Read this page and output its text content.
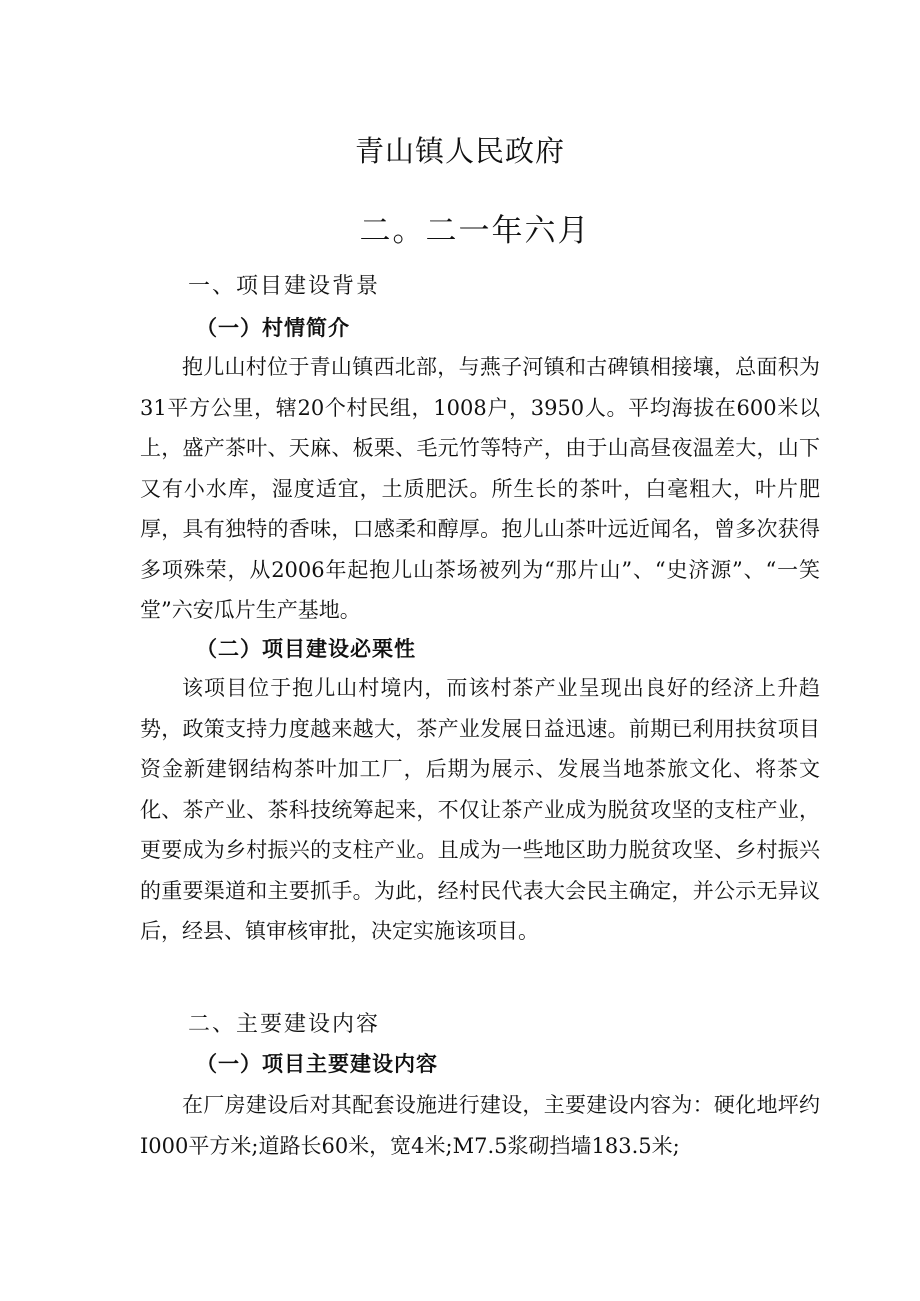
青山镇人民政府
二。二一年六月
一、项目建设背景
（一）村情简介

抱儿山村位于青山镇西北部，与燕子河镇和古碑镇相接壤，总面积为31平方公里，辖20个村民组，1008户，3950人。平均海拔在600米以上，盛产茶叶、天麻、板栗、毛元竹等特产，由于山高昼夜温差大，山下又有小水库，湿度适宜，土质肥沃。所生长的茶叶，白毫粗大，叶片肥厚，具有独特的香味，口感柔和醇厚。抱儿山茶叶远近闻名，曾多次获得多项殊荣，从2006年起抱儿山茶场被列为“那片山”、“史济源”、“一笑堂”六安瓜片生产基地。

（二）项目建设必栗性

该项目位于抱儿山村境内，而该村茶产业呈现出良好的经济上升趋势，政策支持力度越来越大，茶产业发展日益迅速。前期已利用扶贫项目资金新建钢结构茶叶加工厂，后期为展示、发展当地茶旅文化、将茶文化、茶产业、茶科技统筹起来，不仅让茶产业成为脱贫攻坚的支柱产业，更要成为乡村振兴的支柱产业。且成为一些地区助力脱贫攻坚、乡村振兴的重要渠道和主要抓手。为此，经村民代表大会民主确定，并公示无异议后，经县、镇审核审批，决定实施该项目。

二、主要建设内容
（一）项目主要建设内容

在厂房建设后对其配套设施进行建设，主要建设内容为：硬化地坪约I000平方米;道路长60米，宽4米;M7.5浆砌挡墙183.5米;
